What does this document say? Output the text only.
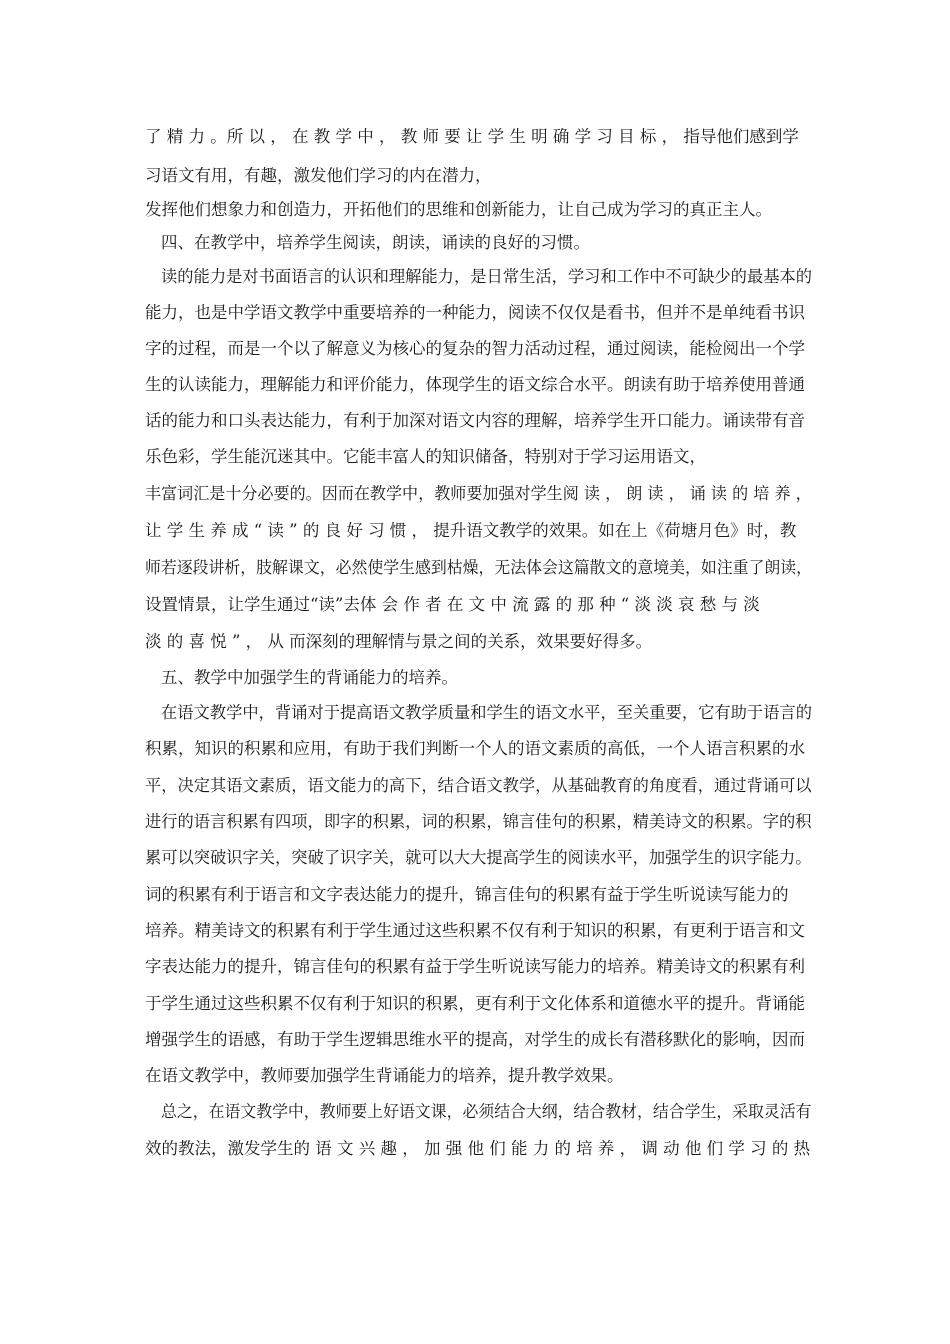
了 精 力 。所 以 ， 在 教 学 中 ， 教 师 要 让 学 生 明 确 学 习 目 标 ， 指导他们感到学
习语文有用，有趣，激发他们学习的内在潜力，
发挥他们想象力和创造力，开拓他们的思维和创新能力，让自己成为学习的真正主人。
四、在教学中，培养学生阅读，朗读，诵读的良好的习惯。
读的能力是对书面语言的认识和理解能力，是日常生活，学习和工作中不可缺少的最基本的
能力，也是中学语文教学中重要培养的一种能力，阅读不仅仅是看书，但并不是单纯看书识
字的过程，而是一个以了解意义为核心的复杂的智力活动过程，通过阅读，能检阅出一个学
生的认读能力，理解能力和评价能力，体现学生的语文综合水平。朗读有助于培养使用普通
话的能力和口头表达能力，有利于加深对语文内容的理解，培养学生开口能力。诵读带有音
乐色彩，学生能沉迷其中。它能丰富人的知识储备，特别对于学习运用语文，
丰富词汇是十分必要的。因而在教学中，教师要加强对学生阅 读 ， 朗 读 ， 诵 读 的 培 养 ，
让 学 生 养 成 “ 读 ” 的 良 好 习 惯 ， 提升语文教学的效果。如在上《荷塘月色》时，教
师若逐段讲析，肢解课文，必然使学生感到枯燥，无法体会这篇散文的意境美，如注重了朗读，
设置情景，让学生通过“读”去体 会 作 者 在 文 中 流 露 的 那 种 “ 淡 淡 哀 愁 与 淡
淡 的 喜 悦 ” ， 从 而深刻的理解情与景之间的关系，效果要好得多。
五、教学中加强学生的背诵能力的培养。
在语文教学中，背诵对于提高语文教学质量和学生的语文水平，至关重要，它有助于语言的
积累，知识的积累和应用，有助于我们判断一个人的语文素质的高低，一个人语言积累的水
平，决定其语文素质，语文能力的高下，结合语文教学，从基础教育的角度看，通过背诵可以
进行的语言积累有四项，即字的积累，词的积累，锦言佳句的积累，精美诗文的积累。字的积
累可以突破识字关，突破了识字关，就可以大大提高学生的阅读水平，加强学生的识字能力。
词的积累有利于语言和文字表达能力的提升，锦言佳句的积累有益于学生听说读写能力的
培养。精美诗文的积累有利于学生通过这些积累不仅有利于知识的积累，有更利于语言和文
字表达能力的提升，锦言佳句的积累有益于学生听说读写能力的培养。精美诗文的积累有利
于学生通过这些积累不仅有利于知识的积累，更有利于文化体系和道德水平的提升。背诵能
增强学生的语感，有助于学生逻辑思维水平的提高，对学生的成长有潜移默化的影响，因而
在语文教学中，教师要加强学生背诵能力的培养，提升教学效果。
总之，在语文教学中，教师要上好语文课，必须结合大纲，结合教材，结合学生，采取灵活有
效的教法，激发学生的 语 文 兴 趣 ， 加 强 他 们 能 力 的 培 养 ， 调 动 他 们 学 习 的 热
